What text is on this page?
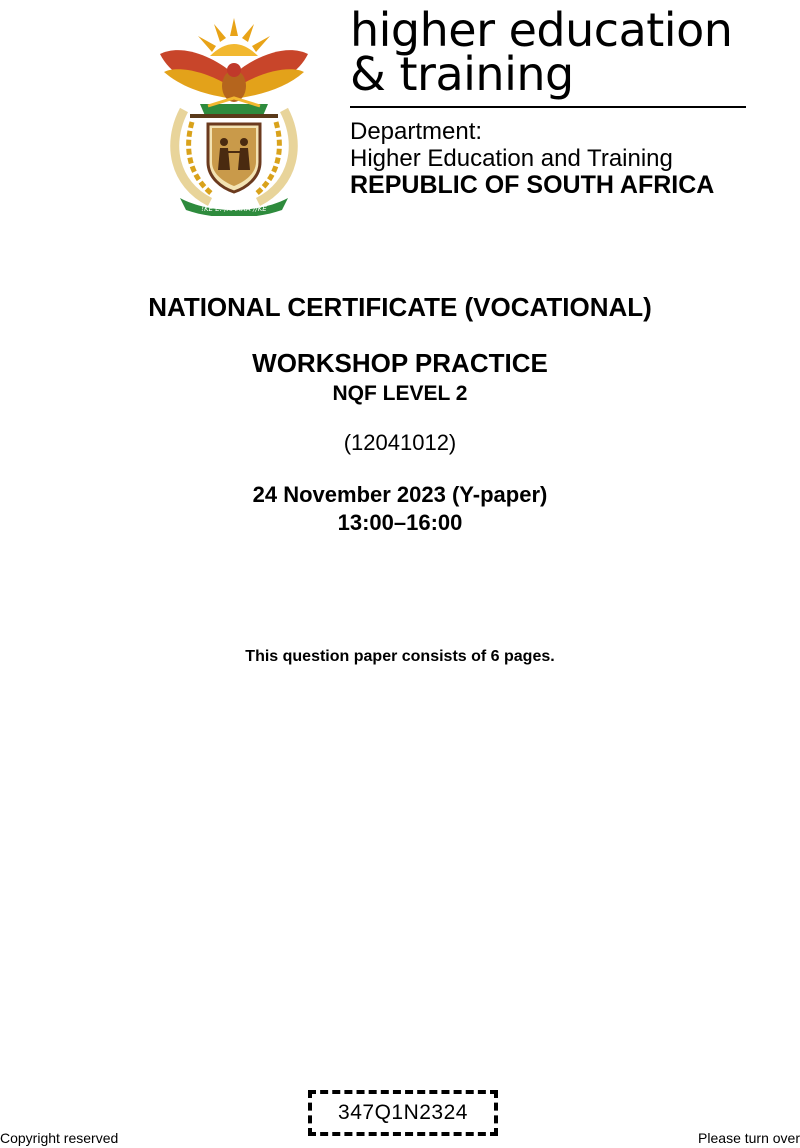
!KE E: /XARRA //KE
higher education
& training
Department:
Higher Education and Training
REPUBLIC OF SOUTH AFRICA
NATIONAL CERTIFICATE (VOCATIONAL)
WORKSHOP PRACTICE
NQF LEVEL 2
(12041012)
24 November 2023 (Y-paper)
13:00–16:00
This question paper consists of 6 pages.
347Q1N2324
Copyright reserved	Please turn over
